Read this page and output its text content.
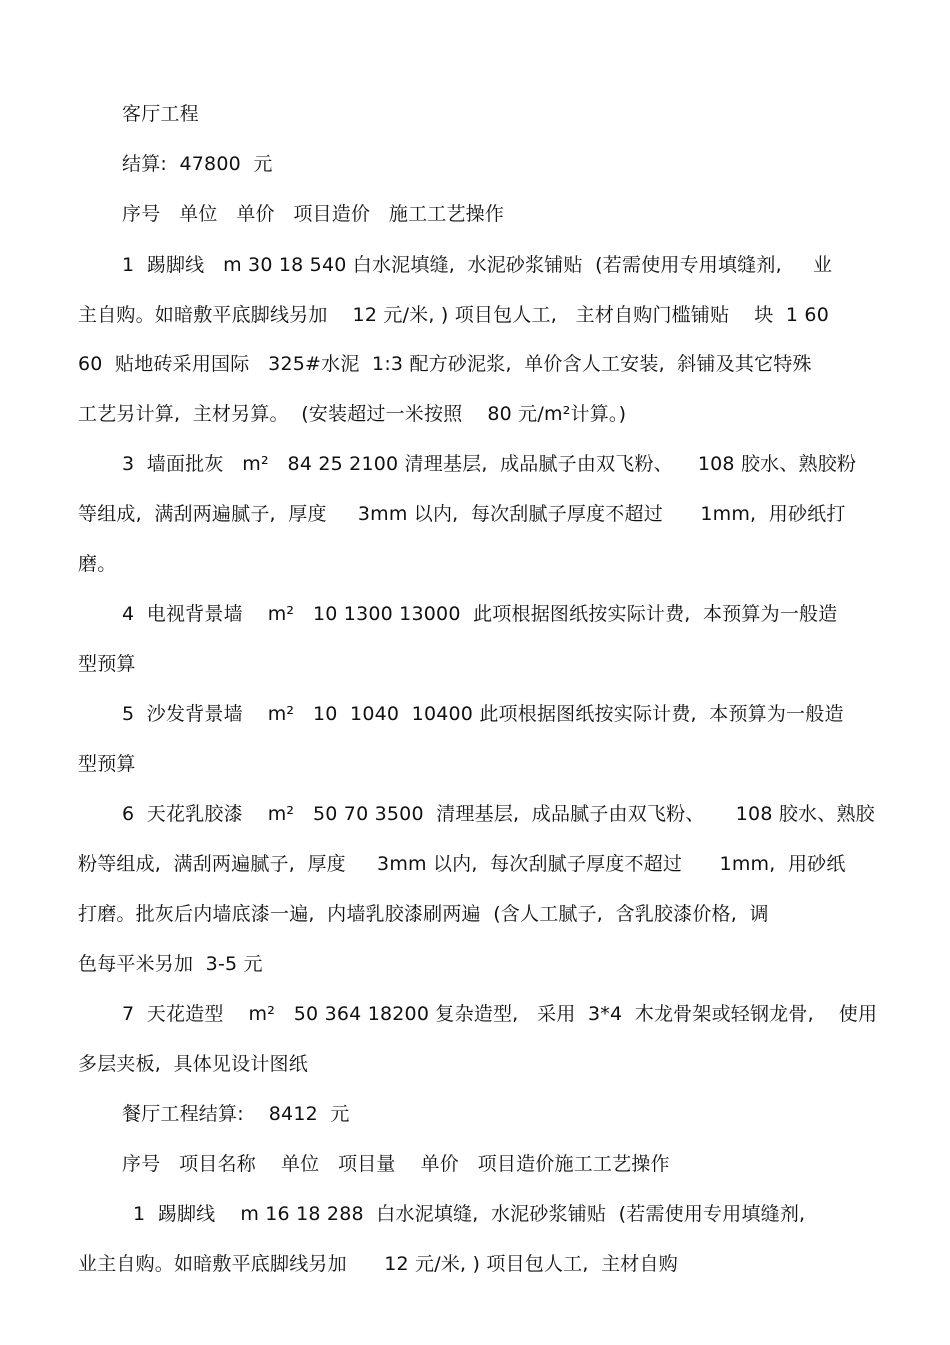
客厅工程
结算:  47800  元
序号   单位   单价   项目造价   施工工艺操作
1  踢脚线   m 30 18 540 白水泥填缝,  水泥砂浆铺贴  (若需使用专用填缝剂,     业
主自购。如暗敷平底脚线另加    12 元/米, ) 项目包人工,   主材自购门槛铺贴    块  1 60
60  贴地砖采用国际   325#水泥  1:3 配方砂泥浆,  单价含人工安装,  斜铺及其它特殊
工艺另计算,  主材另算。  (安装超过一米按照    80 元/m²计算。)
3  墙面批灰   m²   84 25 2100 清理基层,  成品腻子由双飞粉、    108 胶水、熟胶粉
等组成,  满刮两遍腻子,  厚度     3mm 以内,  每次刮腻子厚度不超过      1mm,  用砂纸打
磨。
4  电视背景墙    m²   10 1300 13000  此项根据图纸按实际计费,  本预算为一般造
型预算
5  沙发背景墙    m²   10  1040  10400 此项根据图纸按实际计费,  本预算为一般造
型预算
6  天花乳胶漆    m²   50 70 3500  清理基层,  成品腻子由双飞粉、     108 胶水、熟胶
粉等组成,  满刮两遍腻子,  厚度     3mm 以内,  每次刮腻子厚度不超过      1mm,  用砂纸
打磨。批灰后内墙底漆一遍,  内墙乳胶漆刷两遍  (含人工腻子,  含乳胶漆价格,  调
色每平米另加  3-5 元
7  天花造型    m²   50 364 18200 复杂造型,   采用  3*4  木龙骨架或轻钢龙骨,    使用
多层夹板,  具体见设计图纸
餐厅工程结算:    8412  元
序号   项目名称    单位   项目量    单价   项目造价施工工艺操作
1  踢脚线    m 16 18 288  白水泥填缝,  水泥砂浆铺贴  (若需使用专用填缝剂,
业主自购。如暗敷平底脚线另加      12 元/米, ) 项目包人工,  主材自购
